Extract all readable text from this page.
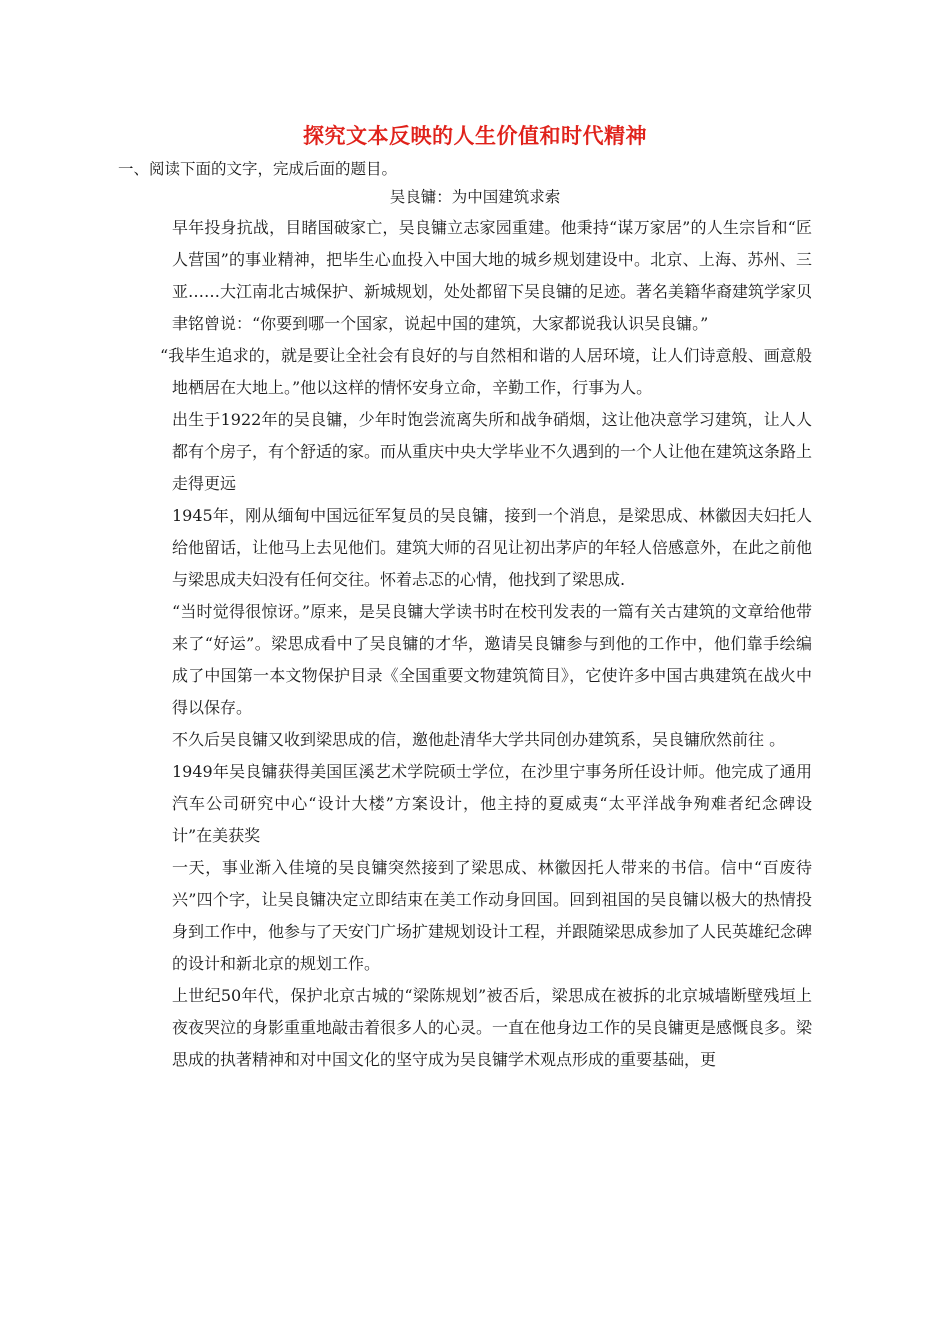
探究文本反映的人生价值和时代精神
一、阅读下面的文字，完成后面的题目。
吴良镛：为中国建筑求索

早年投身抗战，目睹国破家亡，吴良镛立志家园重建。他秉持“谋万家居”的人生宗旨和“匠人营国”的事业精神，把毕生心血投入中国大地的城乡规划建设中。北京、上海、苏州、三亚……大江南北古城保护、新城规划，处处都留下吴良镛的足迹。著名美籍华裔建筑学家贝聿铭曾说：“你要到哪一个国家，说起中国的建筑，大家都说我认识吴良镛。”

“我毕生追求的，就是要让全社会有良好的与自然相和谐的人居环境，让人们诗意般、画意般地栖居在大地上。”他以这样的情怀安身立命，辛勤工作，行事为人。

出生于1922年的吴良镛，少年时饱尝流离失所和战争硝烟，这让他决意学习建筑，让人人都有个房子，有个舒适的家。而从重庆中央大学毕业不久遇到的一个人让他在建筑这条路上走得更远

1945年，刚从缅甸中国远征军复员的吴良镛，接到一个消息，是梁思成、林徽因夫妇托人给他留话，让他马上去见他们。建筑大师的召见让初出茅庐的年轻人倍感意外，在此之前他与梁思成夫妇没有任何交往。怀着忐忑的心情，他找到了梁思成.

“当时觉得很惊讶。”原来，是吴良镛大学读书时在校刊发表的一篇有关古建筑的文章给他带来了“好运”。梁思成看中了吴良镛的才华，邀请吴良镛参与到他的工作中，他们靠手绘编成了中国第一本文物保护目录《全国重要文物建筑简目》，它使许多中国古典建筑在战火中得以保存。

不久后吴良镛又收到梁思成的信，邀他赴清华大学共同创办建筑系，吴良镛欣然前往 。

1949年吴良镛获得美国匡溪艺术学院硕士学位，在沙里宁事务所任设计师。他完成了通用汽车公司研究中心“设计大楼”方案设计，他主持的夏威夷“太平洋战争殉难者纪念碑设计”在美获奖

一天，事业渐入佳境的吴良镛突然接到了梁思成、林徽因托人带来的书信。信中“百废待兴”四个字，让吴良镛决定立即结束在美工作动身回国。回到祖国的吴良镛以极大的热情投身到工作中，他参与了天安门广场扩建规划设计工程，并跟随梁思成参加了人民英雄纪念碑的设计和新北京的规划工作。

上世纪50年代，保护北京古城的“梁陈规划”被否后，梁思成在被拆的北京城墙断壁残垣上夜夜哭泣的身影重重地敲击着很多人的心灵。一直在他身边工作的吴良镛更是感慨良多。梁思成的执著精神和对中国文化的坚守成为吴良镛学术观点形成的重要基础，更
